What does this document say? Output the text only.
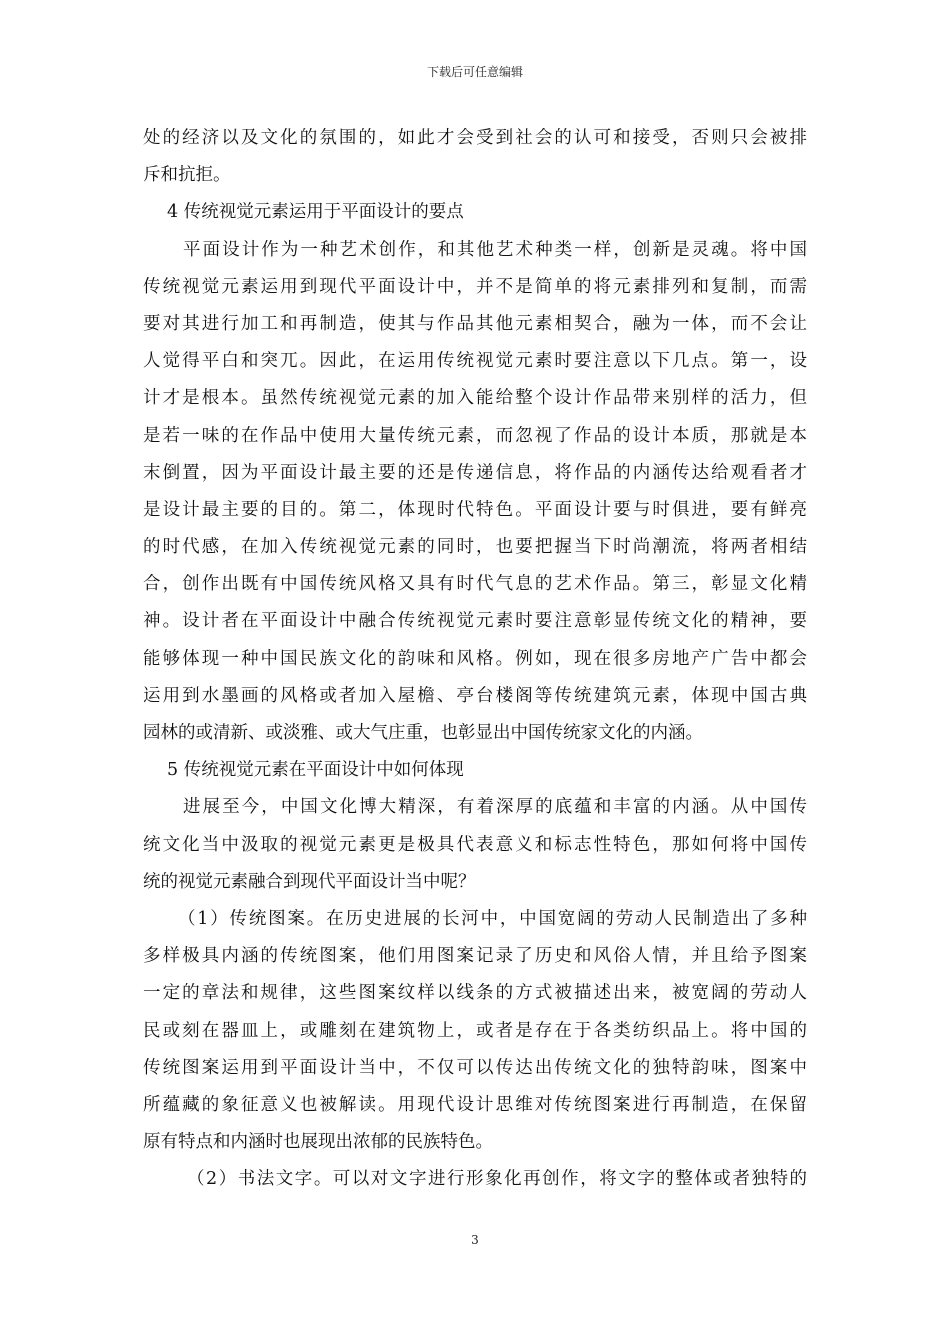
下载后可任意编辑
处的经济以及文化的氛围的，如此才会受到社会的认可和接受，否则只会被排
斥和抗拒。
4 传统视觉元素运用于平面设计的要点
平面设计作为一种艺术创作，和其他艺术种类一样，创新是灵魂。将中国
传统视觉元素运用到现代平面设计中，并不是简单的将元素排列和复制，而需
要对其进行加工和再制造，使其与作品其他元素相契合，融为一体，而不会让
人觉得平白和突兀。因此，在运用传统视觉元素时要注意以下几点。第一，设
计才是根本。虽然传统视觉元素的加入能给整个设计作品带来别样的活力，但
是若一味的在作品中使用大量传统元素，而忽视了作品的设计本质，那就是本
末倒置，因为平面设计最主要的还是传递信息，将作品的内涵传达给观看者才
是设计最主要的目的。第二，体现时代特色。平面设计要与时俱进，要有鲜亮
的时代感，在加入传统视觉元素的同时，也要把握当下时尚潮流，将两者相结
合，创作出既有中国传统风格又具有时代气息的艺术作品。第三，彰显文化精
神。设计者在平面设计中融合传统视觉元素时要注意彰显传统文化的精神，要
能够体现一种中国民族文化的韵味和风格。例如，现在很多房地产广告中都会
运用到水墨画的风格或者加入屋檐、亭台楼阁等传统建筑元素，体现中国古典
园林的或清新、或淡雅、或大气庄重，也彰显出中国传统家文化的内涵。
5 传统视觉元素在平面设计中如何体现
进展至今，中国文化博大精深，有着深厚的底蕴和丰富的内涵。从中国传
统文化当中汲取的视觉元素更是极具代表意义和标志性特色，那如何将中国传
统的视觉元素融合到现代平面设计当中呢？
（1）传统图案。在历史进展的长河中，中国宽阔的劳动人民制造出了多种
多样极具内涵的传统图案，他们用图案记录了历史和风俗人情，并且给予图案
一定的章法和规律，这些图案纹样以线条的方式被描述出来，被宽阔的劳动人
民或刻在器皿上，或雕刻在建筑物上，或者是存在于各类纺织品上。将中国的
传统图案运用到平面设计当中，不仅可以传达出传统文化的独特韵味，图案中
所蕴藏的象征意义也被解读。用现代设计思维对传统图案进行再制造，在保留
原有特点和内涵时也展现出浓郁的民族特色。
（2）书法文字。可以对文字进行形象化再创作，将文字的整体或者独特的
3
